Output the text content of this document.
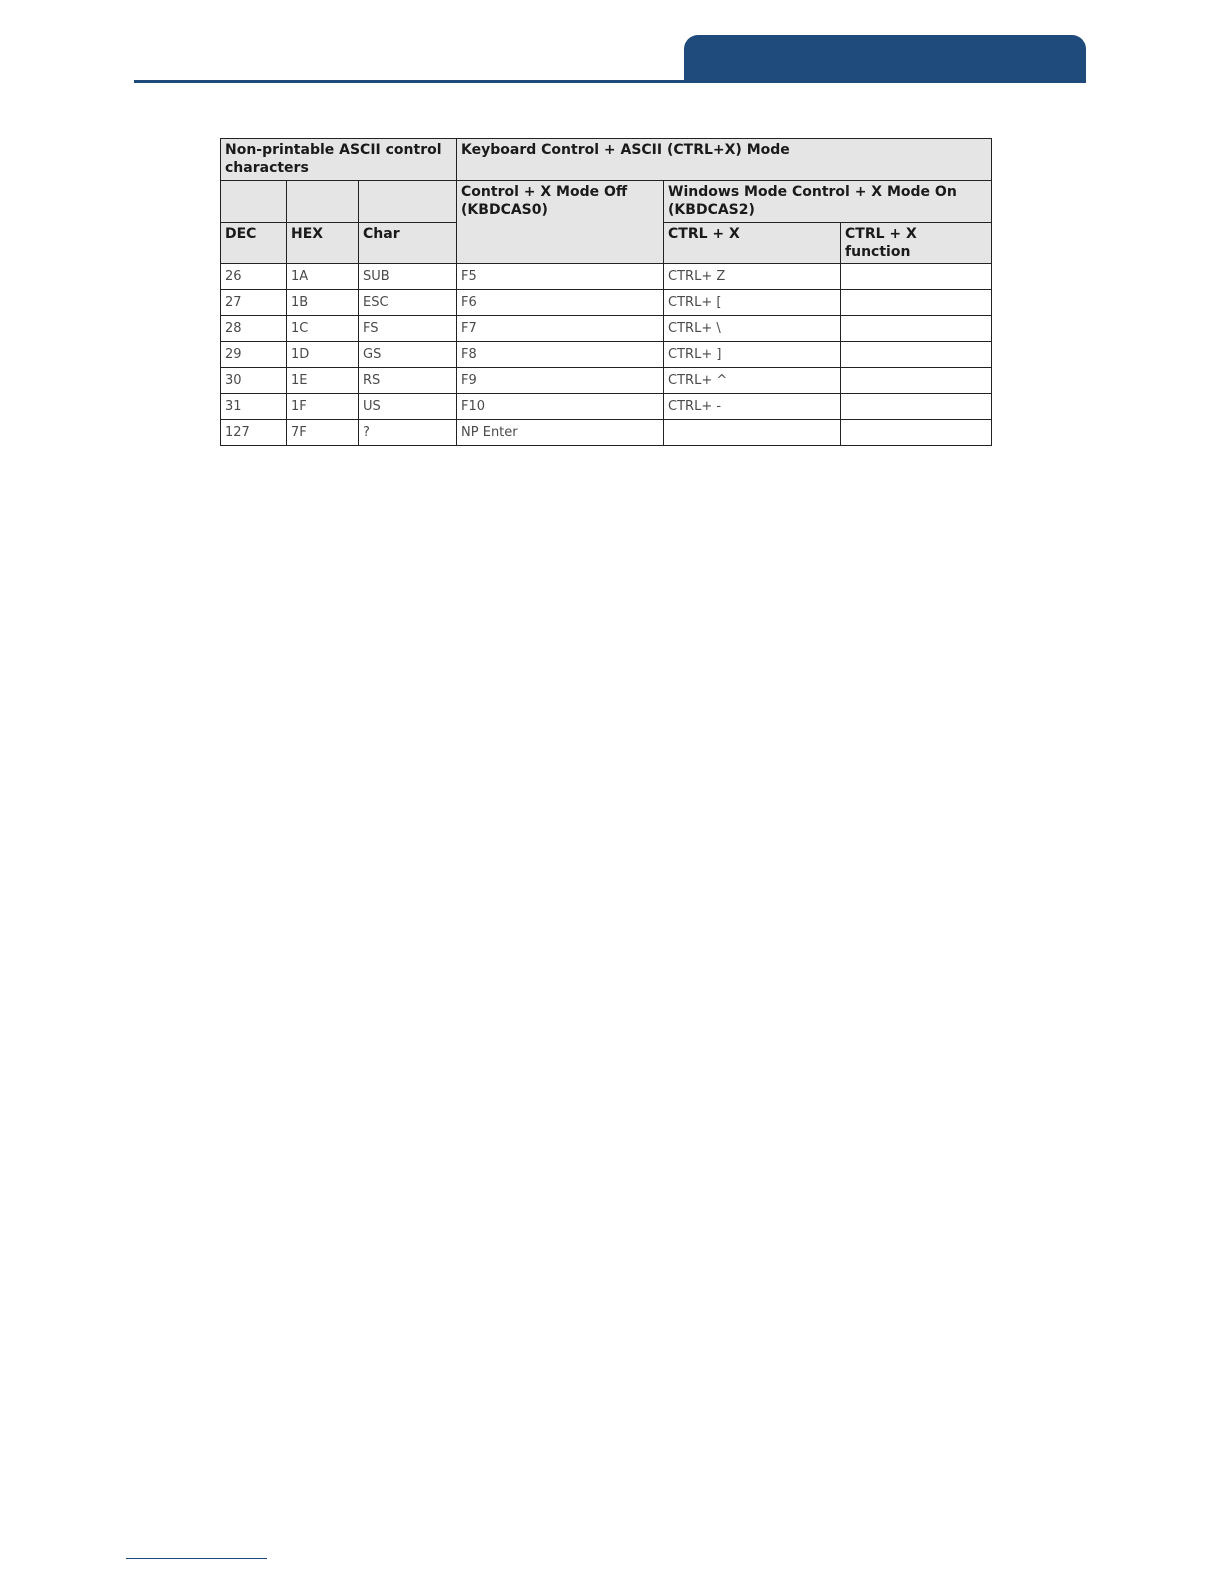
Non-printable ASCII control characters			Keyboard Control + ASCII (CTRL+X) Mode		
			Control + X Mode Off (KBDCAS0)	Windows Mode Control + X Mode On (KBDCAS2)	
DEC	HEX	Char		CTRL + X	CTRL + X function
26	1A	SUB	F5	CTRL+ Z	
27	1B	ESC	F6	CTRL+ [	
28	1C	FS	F7	CTRL+ \	
29	1D	GS	F8	CTRL+ ]	
30	1E	RS	F9	CTRL+ ^	
31	1F	US	F10	CTRL+ -	
127	7F	?	NP Enter		
